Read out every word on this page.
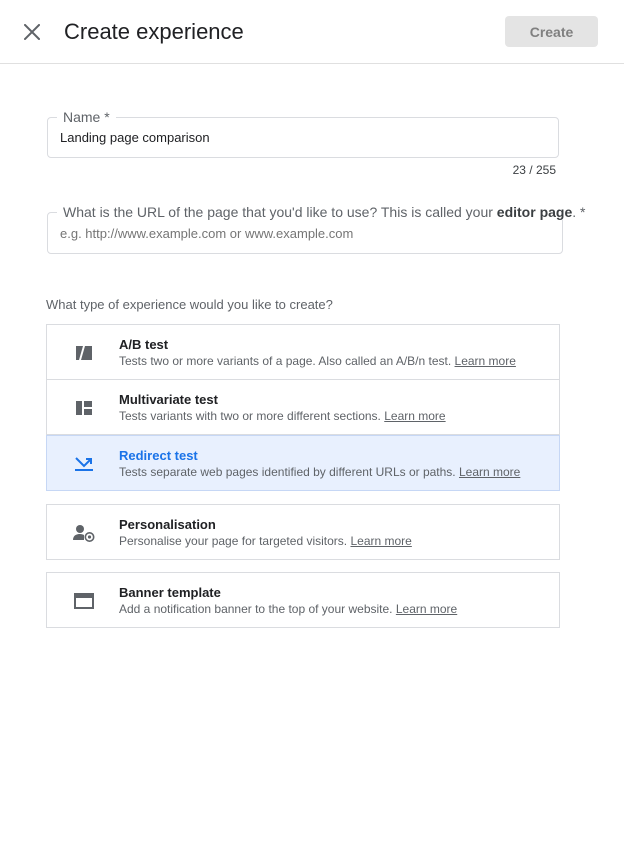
Create experience	Create
Name *
Landing page comparison
23 / 255
What is the URL of the page that you'd like to use? This is called your editor page. *
e.g. http://www.example.com or www.example.com
What type of experience would you like to create?
A/B test
Tests two or more variants of a page. Also called an A/B/n test. Learn more
Multivariate test
Tests variants with two or more different sections. Learn more
Redirect test
Tests separate web pages identified by different URLs or paths. Learn more
Personalisation
Personalise your page for targeted visitors. Learn more
Banner template
Add a notification banner to the top of your website. Learn more
